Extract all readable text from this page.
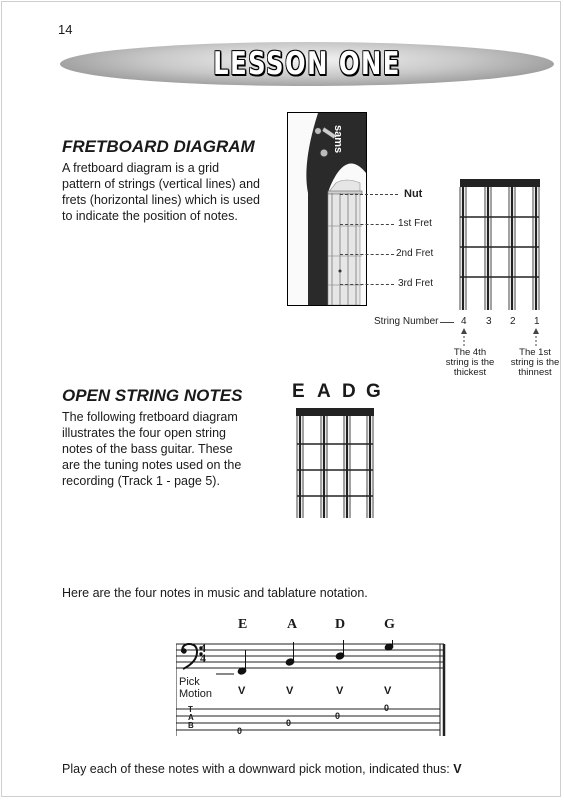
14
LESSON ONE
FRETBOARD DIAGRAM
A fretboard diagram is a grid
pattern of strings (vertical lines) and
frets (horizontal lines) which is used
to indicate the position of notes.
sams
Nut
1st Fret
2nd Fret
3rd Fret
String Number 4 3 2 1
The 4th
string is the
thickest
The 1st
string is the
thinnest
OPEN STRING NOTES
The following fretboard diagram
illustrates the four open string
notes of the bass guitar. These
are the tuning notes used on the
recording (Track 1 - page 5).
E A D G
Here are the four notes in music and tablature notation.
E	A	D	G
4
4
Pick
Motion V	V	V	V
T
A
B
0
0
0
0
Play each of these notes with a downward pick motion, indicated thus: V
